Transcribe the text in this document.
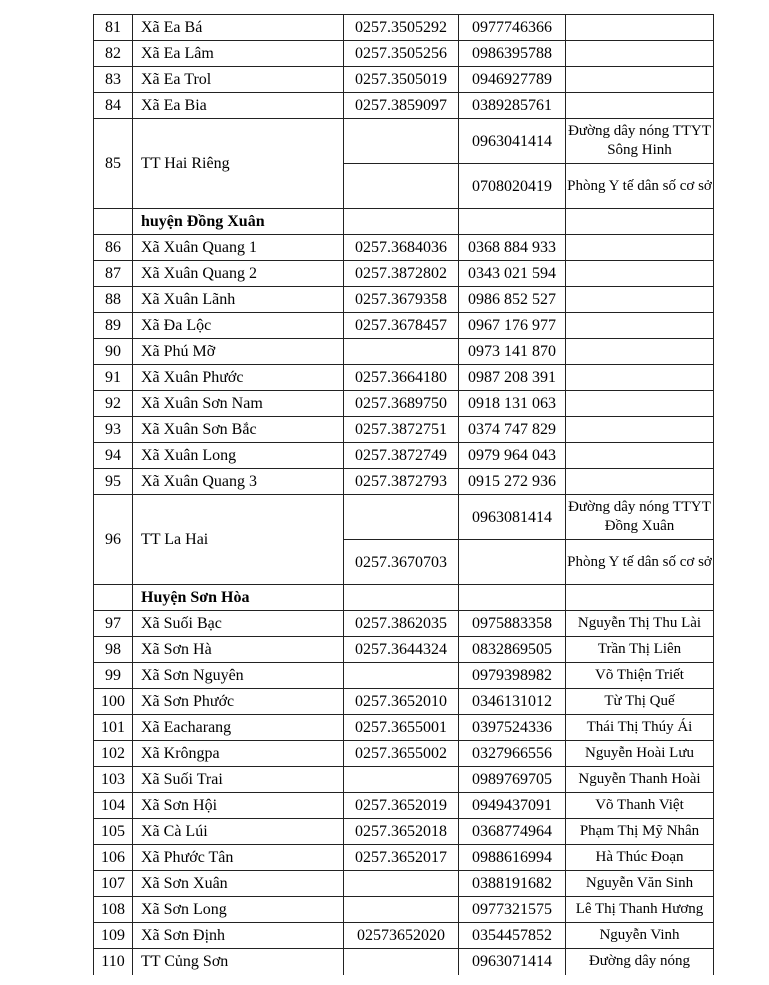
81	Xã Ea Bá	0257.3505292	0977746366	
82	Xã Ea Lâm	0257.3505256	0986395788	
83	Xã Ea Trol	0257.3505019	0946927789	
84	Xã Ea Bia	0257.3859097	0389285761	
85	TT Hai Riêng		0963041414	Đường dây nóng TTYT Sông Hinh
			0708020419	Phòng Y tế dân số cơ sở
	huyện Đồng Xuân			
86	Xã Xuân Quang 1	0257.3684036	0368 884 933	
87	Xã Xuân Quang 2	0257.3872802	0343 021 594	
88	Xã Xuân Lãnh	0257.3679358	0986 852 527	
89	Xã Đa Lộc	0257.3678457	0967 176 977	
90	Xã Phú Mỡ		0973 141 870	
91	Xã Xuân Phước	0257.3664180	0987 208 391	
92	Xã Xuân Sơn Nam	0257.3689750	0918 131 063	
93	Xã Xuân Sơn Bắc	0257.3872751	0374 747 829	
94	Xã Xuân Long	0257.3872749	0979 964 043	
95	Xã Xuân Quang 3	0257.3872793	0915 272 936	
96	TT La Hai		0963081414	Đường dây nóng TTYT Đồng Xuân
		0257.3670703		Phòng Y tế dân số cơ sở
	Huyện Sơn Hòa			
97	Xã Suối Bạc	0257.3862035	0975883358	Nguyễn Thị Thu Lài
98	Xã Sơn Hà	0257.3644324	0832869505	Trần Thị Liên
99	Xã Sơn Nguyên		0979398982	Võ Thiện Triết
100	Xã Sơn Phước	0257.3652010	0346131012	Từ Thị Quế
101	Xã Eacharang	0257.3655001	0397524336	Thái Thị Thúy Ái
102	Xã Krôngpa	0257.3655002	0327966556	Nguyễn Hoài Lưu
103	Xã Suối Trai		0989769705	Nguyễn Thanh Hoài
104	Xã Sơn Hội	0257.3652019	0949437091	Võ Thanh Việt
105	Xã Cà Lúi	0257.3652018	0368774964	Phạm Thị Mỹ Nhân
106	Xã Phước Tân	0257.3652017	0988616994	Hà Thúc Đoạn
107	Xã Sơn Xuân		0388191682	Nguyễn Văn Sinh
108	Xã Sơn Long		0977321575	Lê Thị Thanh Hương
109	Xã Sơn Định	02573652020	0354457852	Nguyễn Vinh
110	TT Củng Sơn		0963071414	Đường dây nóng
